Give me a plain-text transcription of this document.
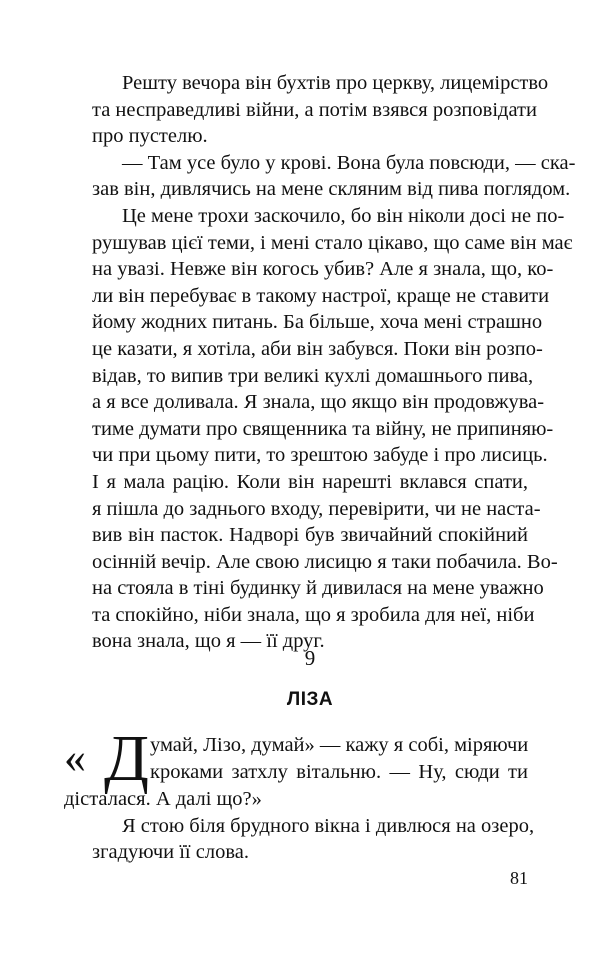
Решту вечора він бухтів про церкву, лицемірство
та несправедливі війни, а потім взявся розповідати
про пустелю.
— Там усе було у крові. Вона була повсюди, — ска-
зав він, дивлячись на мене скляним від пива поглядом.
Це мене трохи заскочило, бо він ніколи досі не по-
рушував цієї теми, і мені стало цікаво, що саме він має
на увазі. Невже він когось убив? Але я знала, що, ко-
ли він перебуває в такому настрої, краще не ставити
йому жодних питань. Ба більше, хоча мені страшно
це казати, я хотіла, аби він забувся. Поки він розпо-
відав, то випив три великі кухлі домашнього пива,
а я все доливала. Я знала, що якщо він продовжува-
тиме думати про священника та війну, не припиняю-
чи при цьому пити, то зрештою забуде і про лисиць.
І я мала рацію. Коли він нарешті вклався спати,
я пішла до заднього входу, перевірити, чи не наста-
вив він пасток. Надворі був звичайний спокійний
осінній вечір. Але свою лисицю я таки побачила. Во-
на стояла в тіні будинку й дивилася на мене уважно
та спокійно, ніби знала, що я зробила для неї, ніби
вона знала, що я — її друг.
9
ЛІЗА
« Д умай, Лізо, думай» — кажу я собі, міряючи
кроками затхлу вітальню. — Ну, сюди ти
дісталася. А далі що?»
Я стою біля брудного вікна і дивлюся на озеро,
згадуючи її слова.
81
